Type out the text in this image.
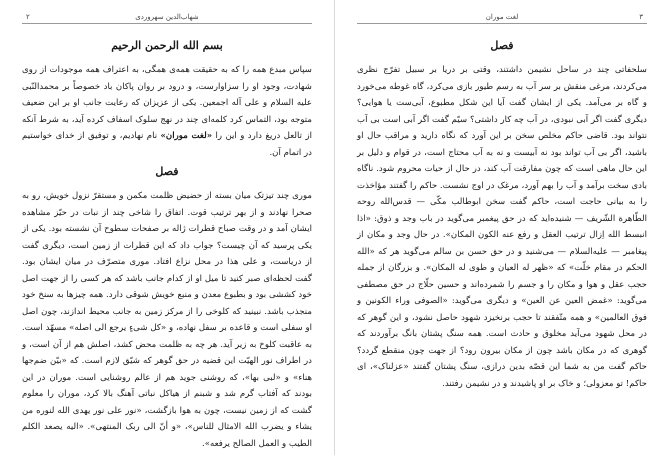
٢	شهاب‌الدین سهروردی
بسم الله الرحمن الرحيم

سپاس مبدع همه را که به حقیقت همه‌ی همگی، به اعتراف همه موجودات از روی شهادت، وجود او را سزاوارست، و درود بر روان پاکان باد خصوصاً بر محمدالنّبی علیه السلام و علی آله اجمعین. یکی از عزیزان که رعایت جانب او بر این ضعیف متوجه بود، التماس کرد کلمه‌ای چند در نهج سلوک اسفاف کرده آید، به شرط آنکه از تالعل دریغ دارد و این را «لغت موران» نام نهادیم، و توفیق از خدای خواستیم در اتمام آن.

فصل

موری چند تیزتک میان بسته از حضیض ظلمت مکمن و مستقرّ نزول خویش، رو به صحرا نهادند و از بهر ترتیب قوت. اتفاق را شاخی چند از نبات در حیّز مشاهده ایشان آمد و در وقت صباح قطرات ژاله بر صفحات سطوح آن نشسته بود. یکی از یکی پرسید که آن چیست؟ جواب داد که این قطرات از زمین است، دیگری گفت از دریاست، و علی هذا در محل نزاع افتاد. موری متصرّف در میان ایشان بود. گفت لحظه‌ای صبر کنید تا میل او از کدام جانب باشد که هر کسی را از جهت اصل خود کششی بود و بطبوع معدن و منبع خویش شوقی دارد. همه چیزها به سنخ خود منجذب باشد. نبینید که کلوخی را از مرکز زمین به جانب محیط اندازند، چون اصل او سفلی است و قاعده بر سفل نهاده، و «کل شیءٍ یرجع الی اصله» مسهّد است. به عاقبت کلوخ به زیر آید. هر چه به ظلمت محض کشد، اصلش هم از آن است، و در اطراف نور الهیّت این قضیه در حق گوهر که شیّق لازم است. که «بیّن ضم‌جها هناء» و «لبی بها»، که روشنی جوید هم از عالم روشنایی است. موران در این بودند که آفتاب گرم شد و شبنم از هیاکل نباتی آهنگ بالا کرد، موران را معلوم گشت که از زمین نیست، چون به هوا بازگشت، «نور علی نور یهدی الله لنوره من یشاء و یضرب الله الامثال للناس»، «و أنّ الی ربک المنتهی». «الیه یصعد الکلم الطیب و العمل الصالح یرفعه».

لغت موران	٣
فصل

سلحفاتی چند در ساحل نشیمن داشتند، وقتی بر دریا بر سبیل تفرّج نظری می‌کردند، مرغی منقش بر سر آب به رسم طیور بازی می‌کرد، گاه غوطه می‌خورد و گاه بر می‌آمد. یکی از ایشان گفت آیا این شکل مطبوع، آبی‌ست یا هوایی؟ دیگری گفت اگر آبی نبودی، در آب چه کار داشتی؟ سیّم گفت اگر آبی است بی آب نتواند بود. قاضی حاکم مخلص سخن بر این آورد که نگاه دارید و مراقب حال او باشید، اگر بی آب تواند بود نه آبیست و نه به آب محتاج است، در قوام و دلیل بر این حال ماهی است که چون مفارقت آب کند، در حال از حیات محروم شود. ناگاه بادی سخت برآمد و آب را بهم آورد، مرغک در اوج نشست. حاکم را گفتند مؤاخذت را به بیانی حاجت است، حاکم گفت سخن ابوطالب مکّی — قدس‌الله روحه الطّاهرة الشّریف — شنیده‌اید که در حق پیغمبر می‌گوید در باب وجد و ذوق: «اذا انبسط الله اِزال ترتیب العقل و رفع عنه الکون المکان». در حال وجد و مکان از پیغامبر — علیه‌السلام — می‌شنید و در حق حسن بن سالم می‌گوید هر که «الله الحکم در مقام خلّت» که «ظهر له العیان و طوی له المکان». و بزرگان از جمله حجب عقل و هوا و مکان را و جسم را شمرده‌اند و حسین حلّاج در حق مصطفی می‌گوید: «غمض العین عن العین» و دیگری می‌گوید: «الصوفی وراء الکونین و فوق العالمین» و همه متّفقند تا حجب برنخیزد شهود حاصل نشود، و این گوهر که در محل شهود می‌آید مخلوق و حادث است. همه سنگ پشتان بانگ برآوردند که گوهری که در مکان باشد چون از مکان بیرون رود؟ از جهت چون منقطع گردد؟ حاکم گفت من به شما این قصّه بدین درازی، سنگ پشتان گفتند «عزلناک»، ای حاکم! تو معزولی؛ و خاک بر او پاشیدند و در نشیمن رفتند.
